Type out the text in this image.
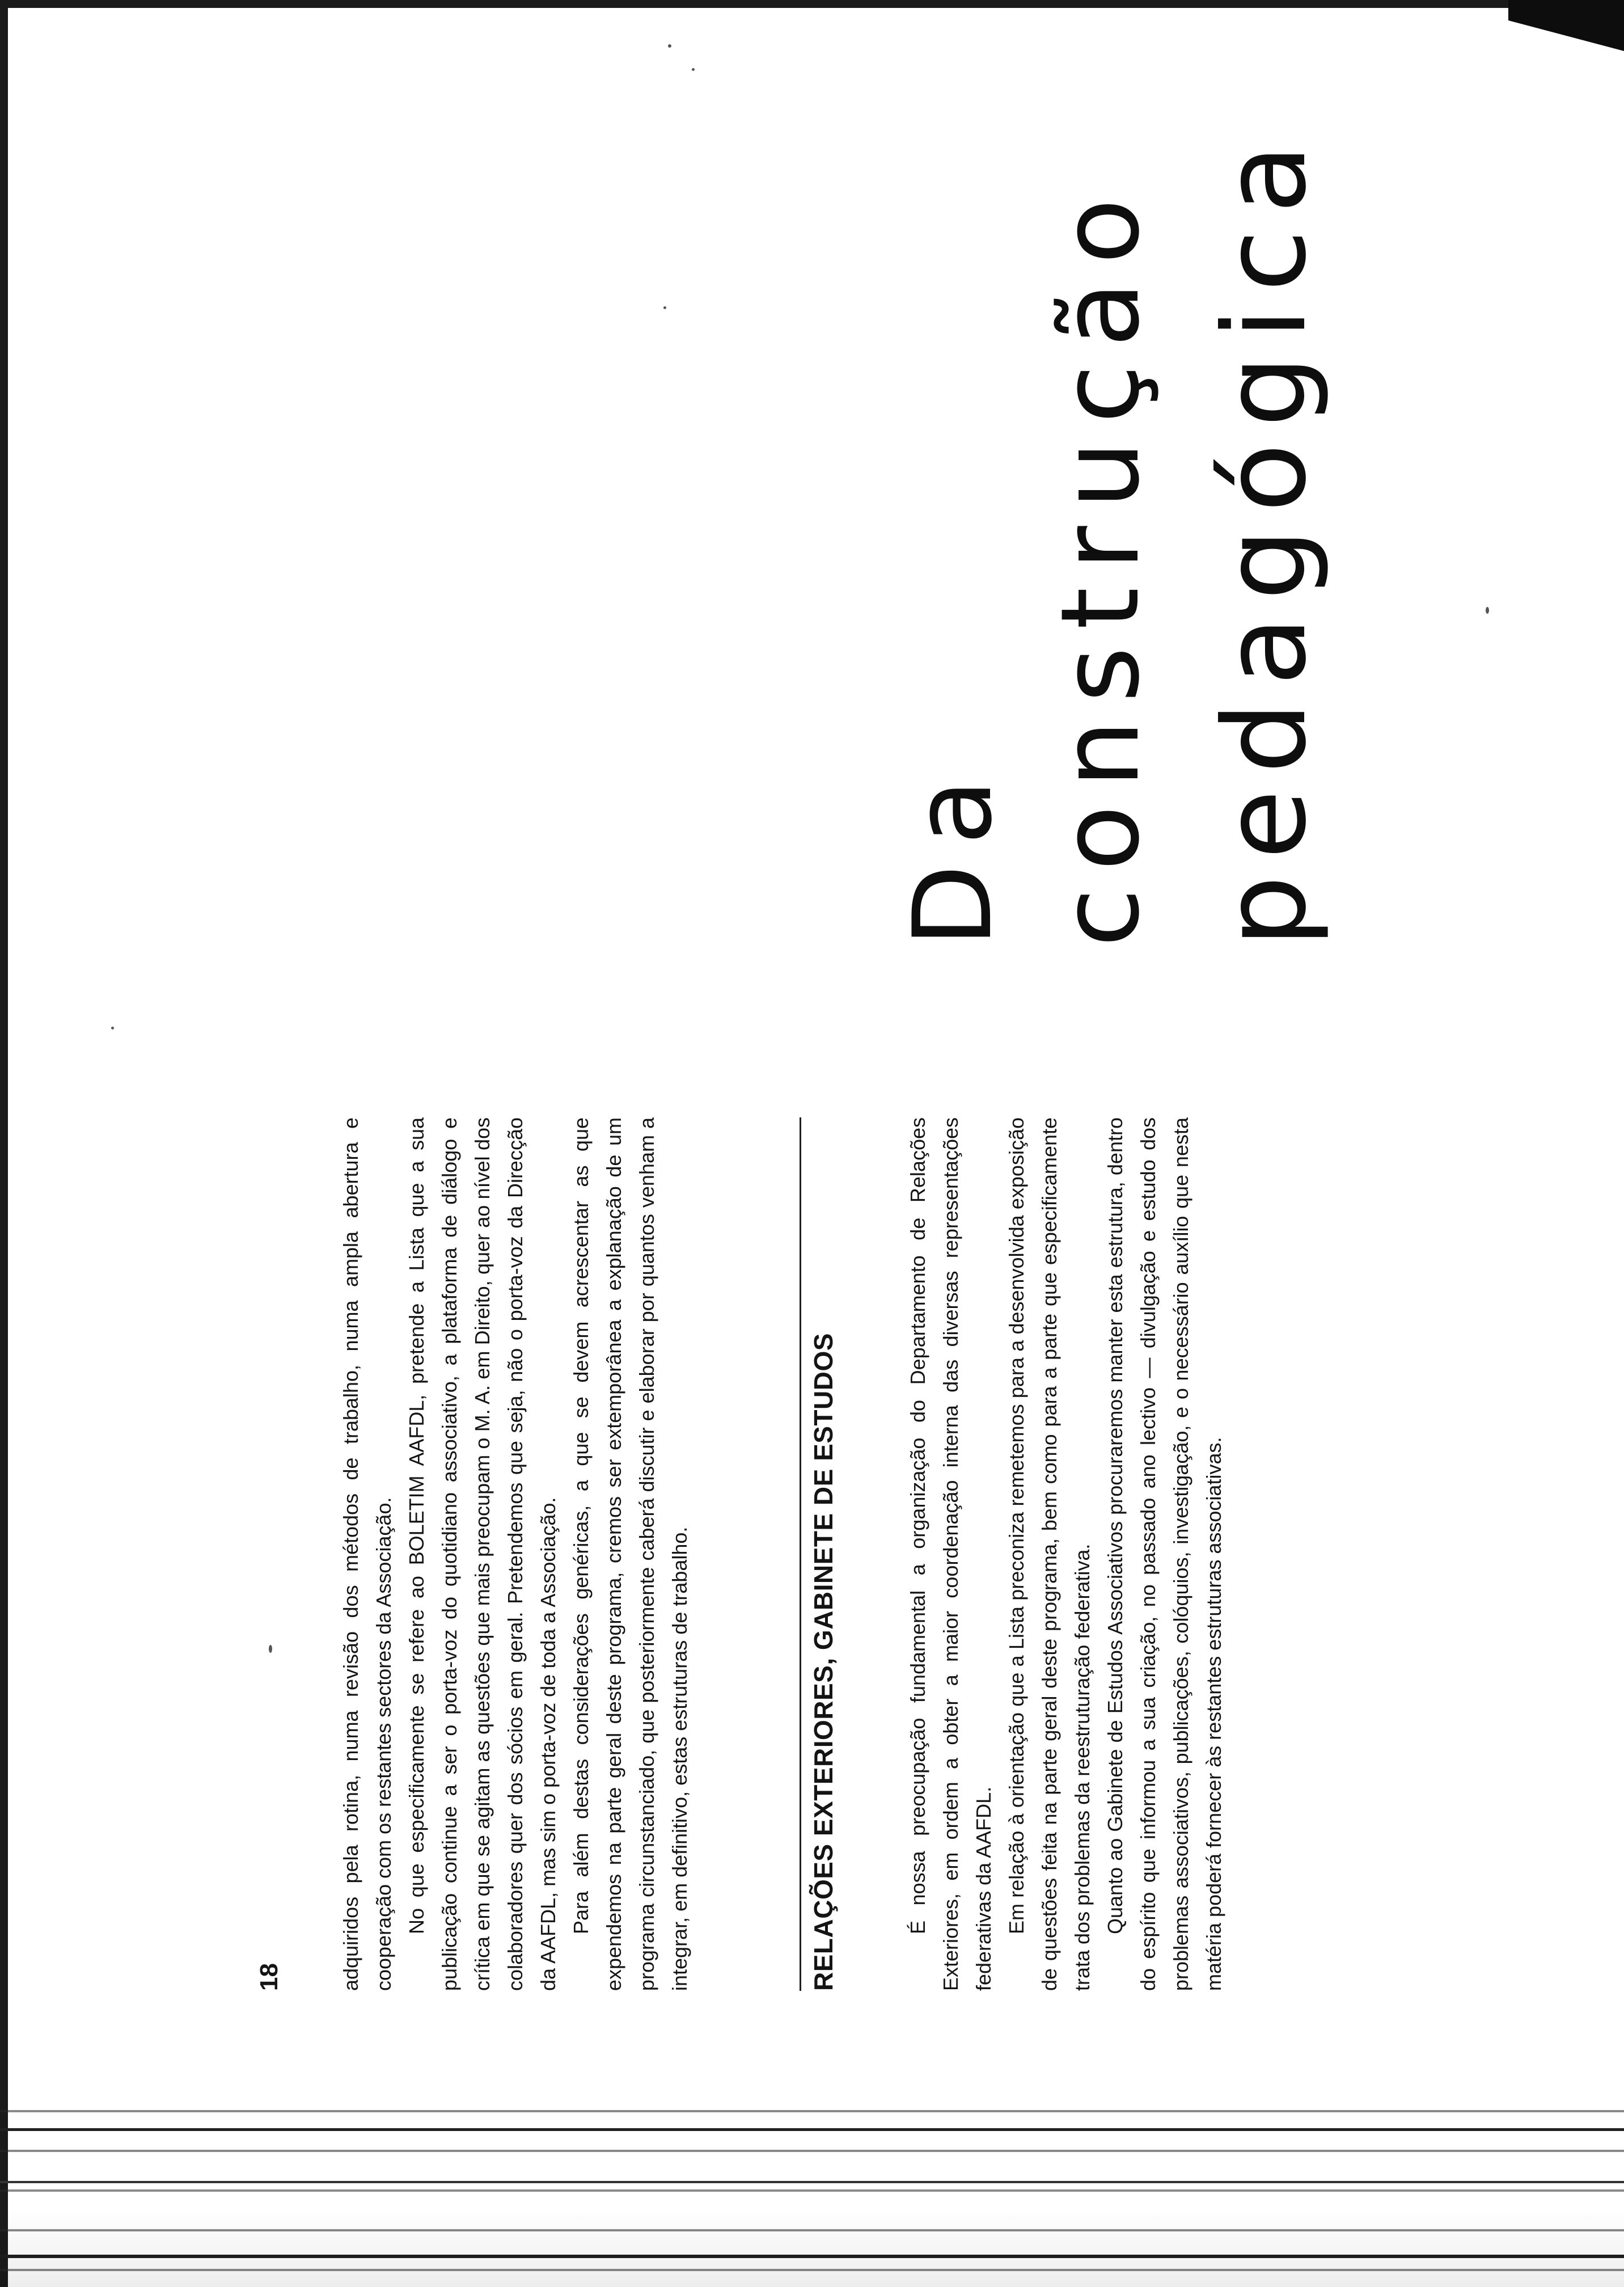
18	adquiridos pela rotina, numa revisão dos métodos de trabalho, numa ampla abertura e cooperação com os restantes sectores da Associação. No que especificamente se refere ao BOLETIM AAFDL, pretende a Lista que a sua publicação continue a ser o porta-voz do quotidiano associativo, a plataforma de diálogo e crítica em que se agitam as questões que mais preocupam o M. A. em Direito, quer ao nível dos colaboradores quer dos sócios em geral. Pretendemos que seja, não o porta-voz da Direcção da AAFDL, mas sim o porta-voz de toda a Associação. Para além destas considerações genéricas, a que se devem acrescentar as que expendemos na parte geral deste programa, cremos ser extemporânea a explanação de um programa circunstanciado, que posteriormente caberá discutir e elaborar por quantos venham a integrar, em definitivo, estas estruturas de trabalho.	RELAÇÕES EXTERIORES, GABINETE DE ESTUDOS	É nossa preocupação fundamental a organização do Departamento de Relações Exteriores, em ordem a obter a maior coordenação interna das diversas representações federativas da AAFDL. Em relação à orientação que a Lista preconiza remetemos para a desenvolvida exposição de questões feita na parte geral deste programa, bem como para a parte que especificamente trata dos problemas da reestruturação federativa. Quanto ao Gabinete de Estudos Associativos procuraremos manter esta estrutura, dentro do espírito que informou a sua criação, no passado ano lectivo — divulgação e estudo dos problemas associativos, publicações, colóquios, investigação, e o necessário auxílio que nesta matéria poderá fornecer às restantes estruturas associativas.

Da construção pedagógica
